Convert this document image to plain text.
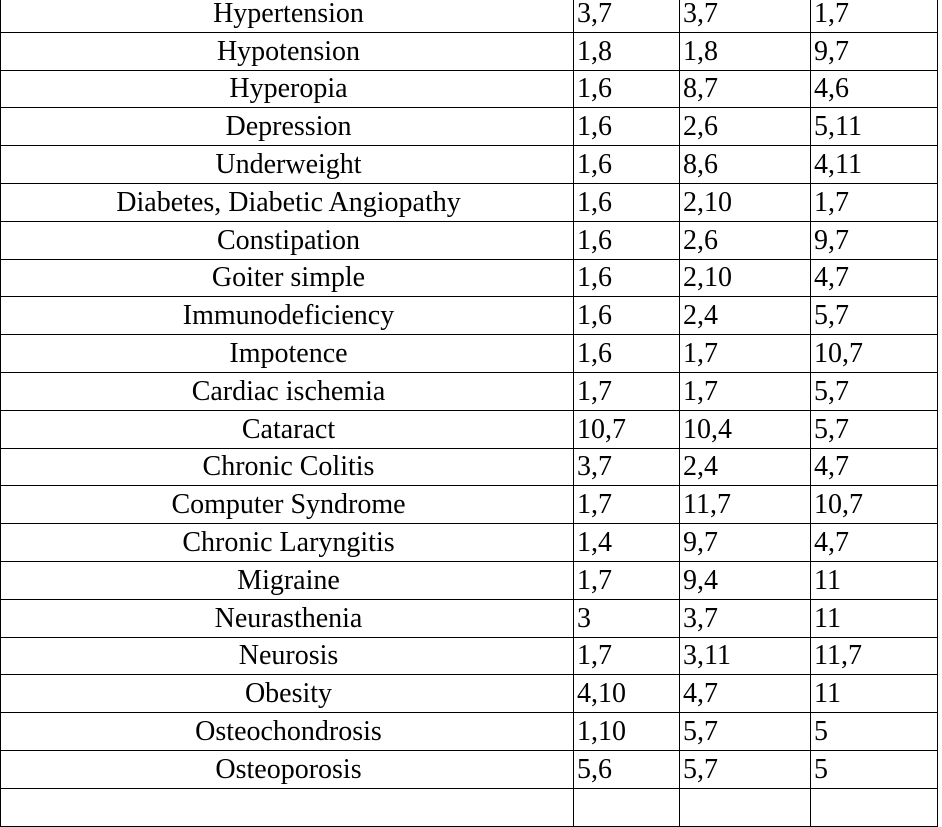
Hypertension	3,7	3,7	1,7
Hypotension	1,8	1,8	9,7
Hyperopia	1,6	8,7	4,6
Depression	1,6	2,6	5,11
Underweight	1,6	8,6	4,11
Diabetes, Diabetic Angiopathy	1,6	2,10	1,7
Constipation	1,6	2,6	9,7
Goiter simple	1,6	2,10	4,7
Immunodeficiency	1,6	2,4	5,7
Impotence	1,6	1,7	10,7
Cardiac ischemia	1,7	1,7	5,7
Cataract	10,7	10,4	5,7
Chronic Colitis	3,7	2,4	4,7
Computer Syndrome	1,7	11,7	10,7
Chronic Laryngitis	1,4	9,7	4,7
Migraine	1,7	9,4	11
Neurasthenia	3	3,7	11
Neurosis	1,7	3,11	11,7
Obesity	4,10	4,7	11
Osteochondrosis	1,10	5,7	5
Osteoporosis	5,6	5,7	5
